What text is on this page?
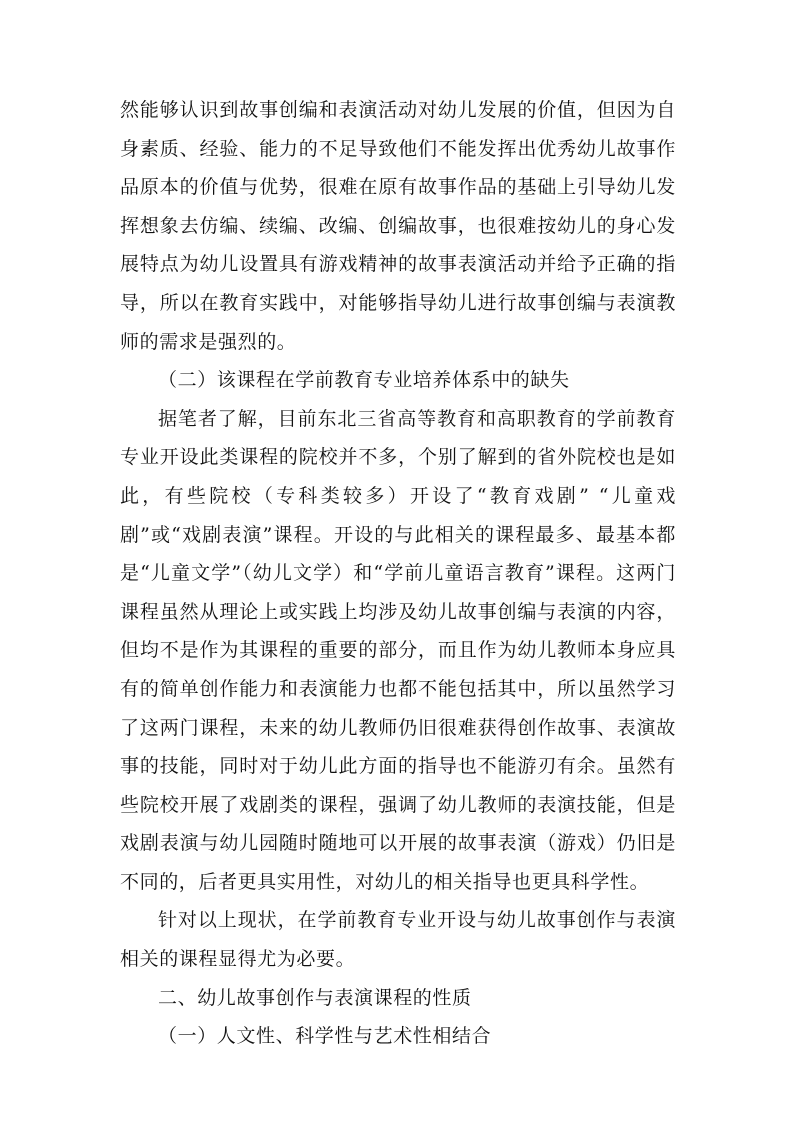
然能够认识到故事创编和表演活动对幼儿发展的价值，但因为自身素质、经验、能力的不足导致他们不能发挥出优秀幼儿故事作品原本的价值与优势，很难在原有故事作品的基础上引导幼儿发挥想象去仿编、续编、改编、创编故事，也很难按幼儿的身心发展特点为幼儿设置具有游戏精神的故事表演活动并给予正确的指导，所以在教育实践中，对能够指导幼儿进行故事创编与表演教师的需求是强烈的。

（二）该课程在学前教育专业培养体系中的缺失

据笔者了解，目前东北三省高等教育和高职教育的学前教育专业开设此类课程的院校并不多，个别了解到的省外院校也是如此，有些院校（专科类较多）开设了“教育戏剧” “儿童戏剧”或“戏剧表演”课程。开设的与此相关的课程最多、最基本都是“儿童文学”（幼儿文学）和“学前儿童语言教育”课程。这两门课程虽然从理论上或实践上均涉及幼儿故事创编与表演的内容，但均不是作为其课程的重要的部分，而且作为幼儿教师本身应具有的简单创作能力和表演能力也都不能包括其中，所以虽然学习了这两门课程，未来的幼儿教师仍旧很难获得创作故事、表演故事的技能，同时对于幼儿此方面的指导也不能游刃有余。虽然有些院校开展了戏剧类的课程，强调了幼儿教师的表演技能，但是戏剧表演与幼儿园随时随地可以开展的故事表演（游戏）仍旧是不同的，后者更具实用性，对幼儿的相关指导也更具科学性。

针对以上现状，在学前教育专业开设与幼儿故事创作与表演相关的课程显得尤为必要。

二、幼儿故事创作与表演课程的性质

（一）人文性、科学性与艺术性相结合
